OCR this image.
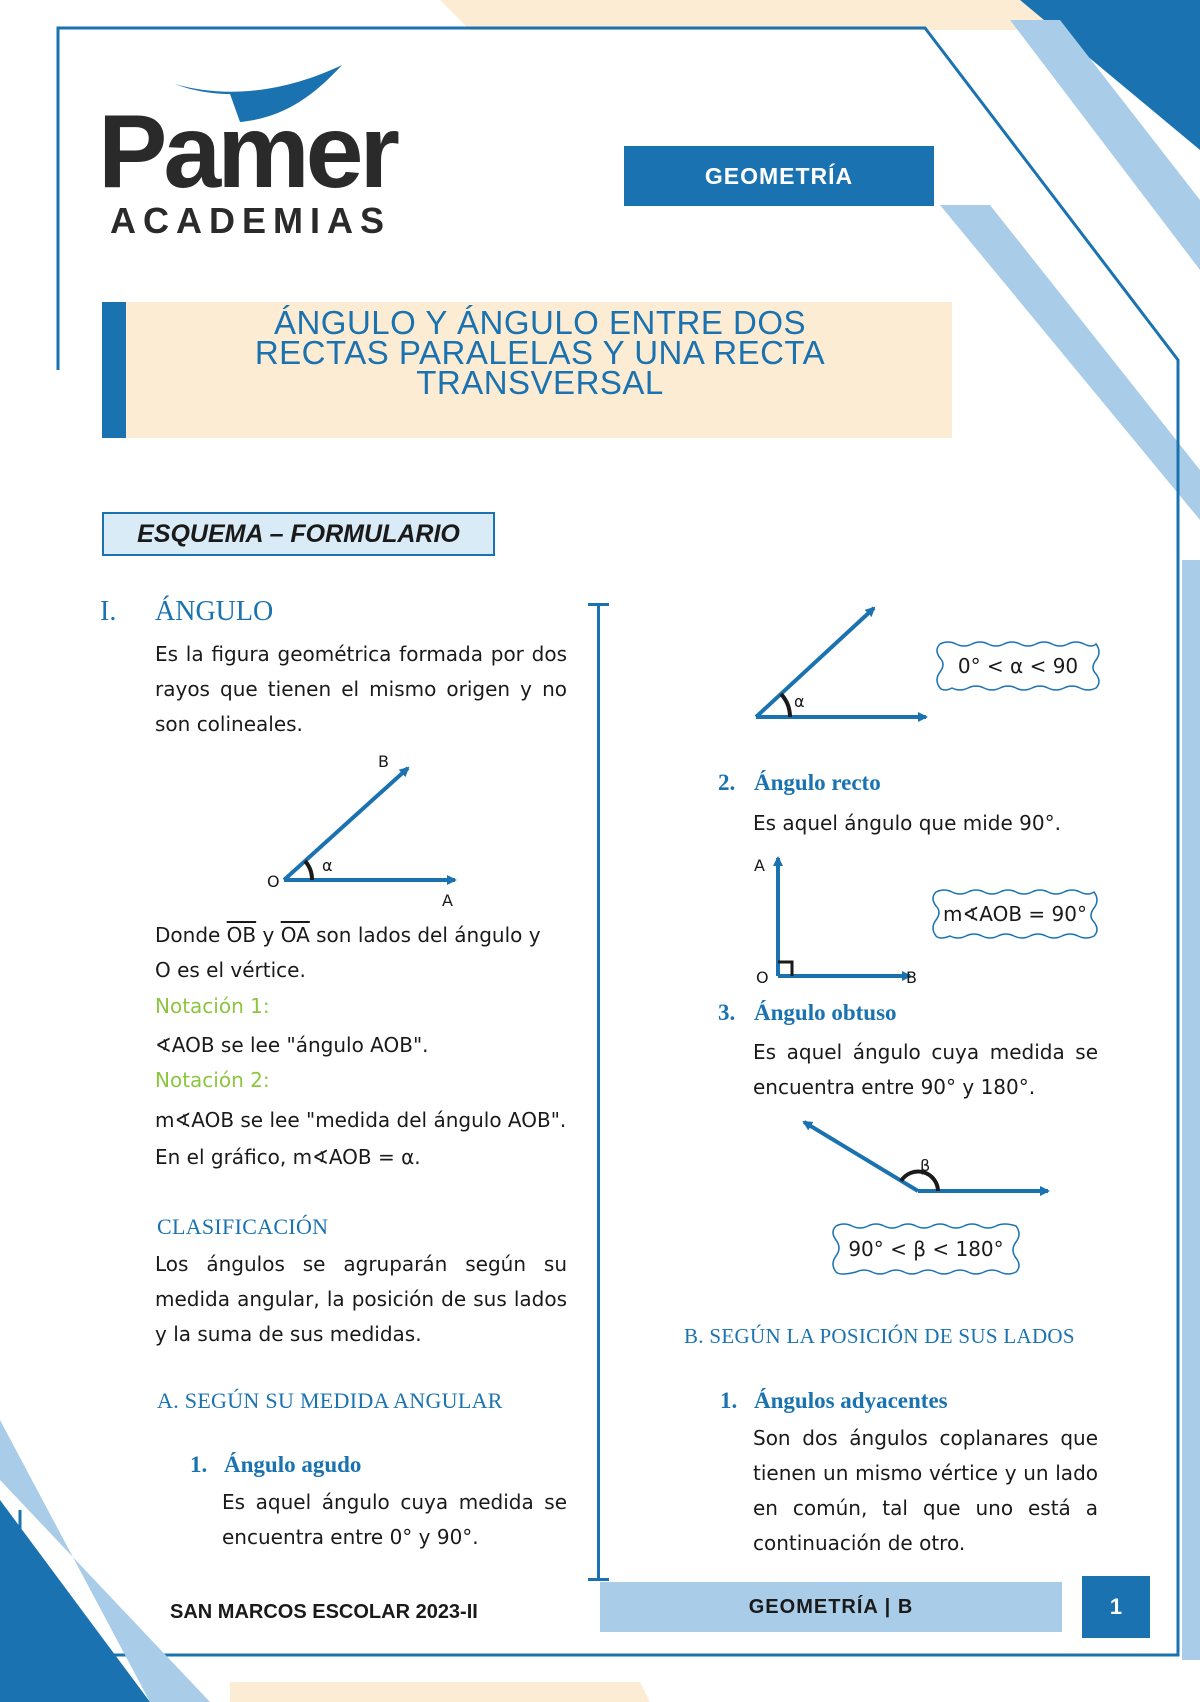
Pamer
ACADEMIAS
GEOMETRÍA
ÁNGULO Y ÁNGULO ENTRE DOS
RECTAS PARALELAS Y UNA RECTA
TRANSVERSAL
ESQUEMA – FORMULARIO
I. ÁNGULO
Es la figura geométrica formada por dos rayos que tienen el mismo origen y no son colineales.
B
O
A
α
Donde $\overline{OB}$ y $\overline{OA}$ son lados del ángulo y
O es el vértice.
Notación 1:
∢AOB se lee "ángulo AOB".
Notación 2:
m∢AOB se lee "medida del ángulo AOB".
En el gráfico, m∢AOB = α.
CLASIFICACIÓN
Los ángulos se agruparán según su medida angular, la posición de sus lados y la suma de sus medidas.
A. SEGÚN SU MEDIDA ANGULAR
1. Ángulo agudo
Es aquel ángulo cuya medida se encuentra entre 0° y 90°.
α
0° < α < 90
2. Ángulo recto
Es aquel ángulo que mide 90°.
A
O	B
m∢AOB = 90°
3. Ángulo obtuso
Es aquel ángulo cuya medida se encuentra entre 90° y 180°.
β
90° < β < 180°
B. SEGÚN LA POSICIÓN DE SUS LADOS
1. Ángulos adyacentes
Son dos ángulos coplanares que tienen un mismo vértice y un lado en común, tal que uno está a continuación de otro.
SAN MARCOS ESCOLAR 2023-II	GEOMETRÍA | B	1
